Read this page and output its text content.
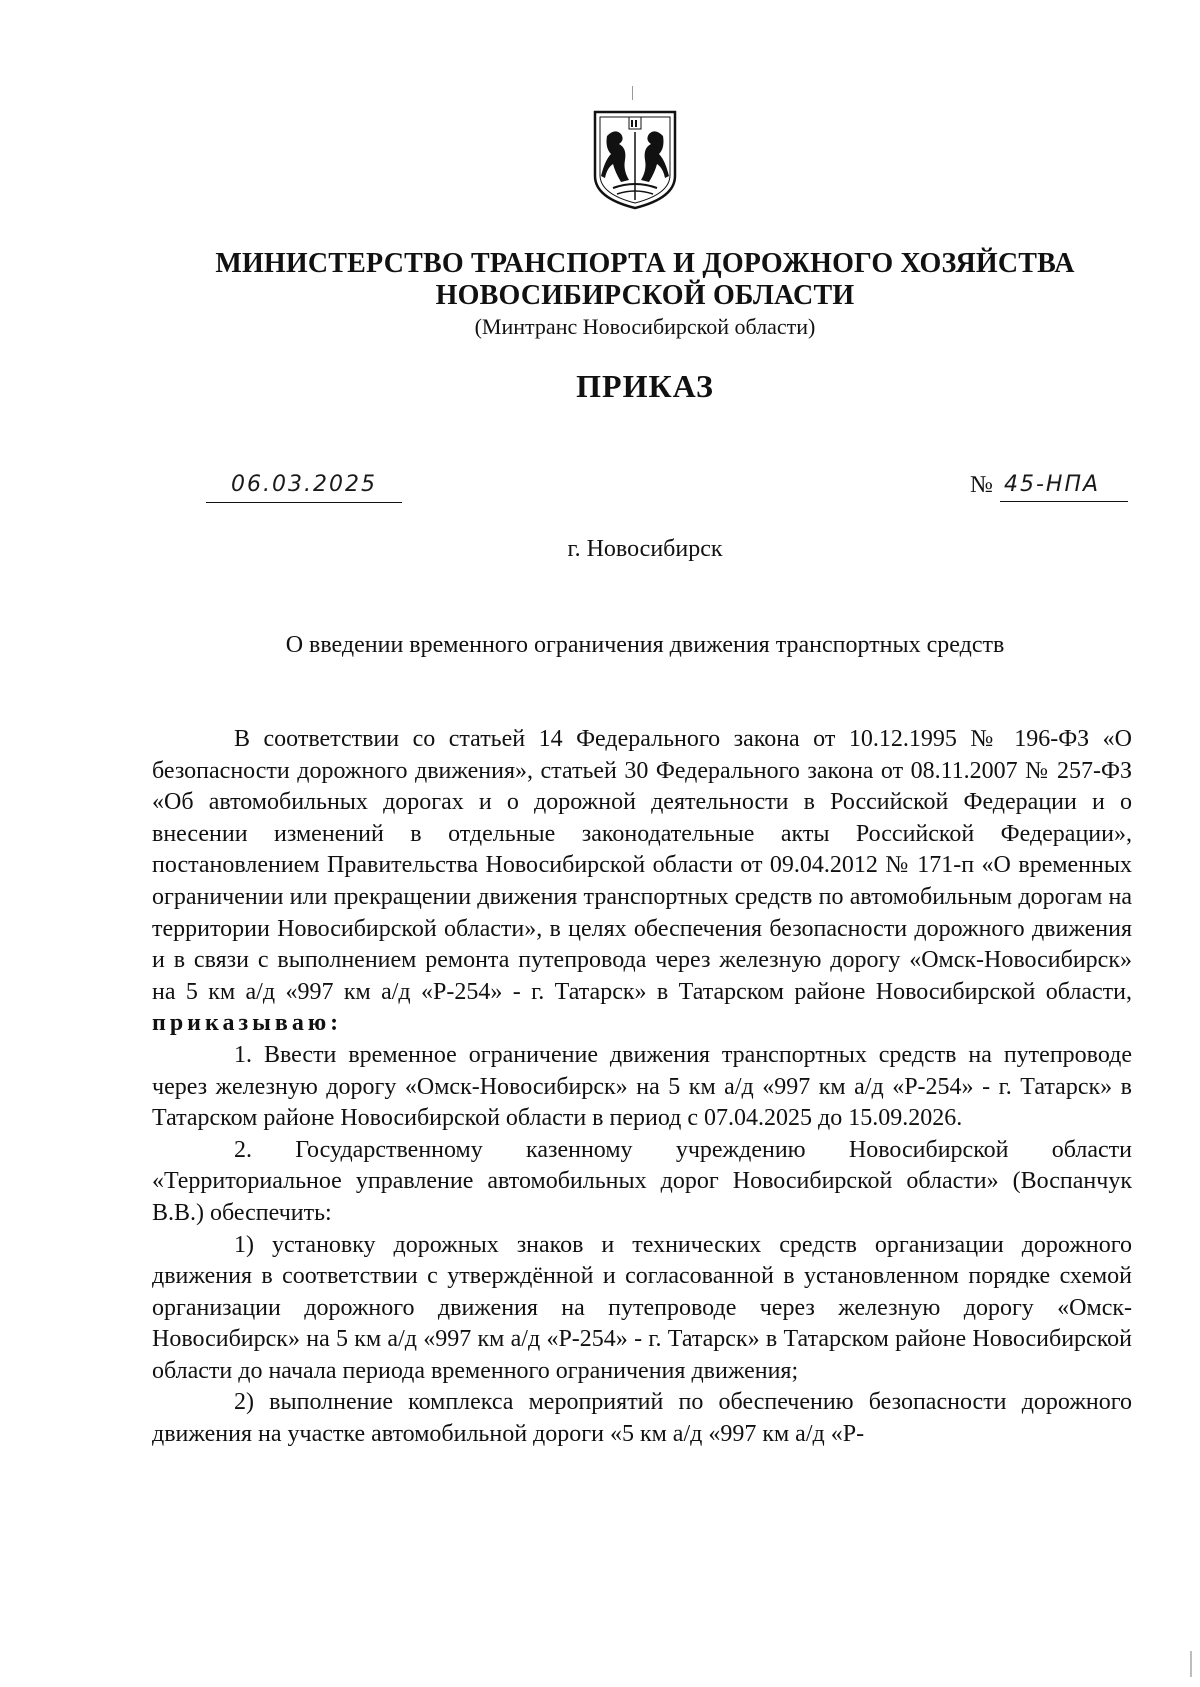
МИНИСТЕРСТВО ТРАНСПОРТА И ДОРОЖНОГО ХОЗЯЙСТВА
НОВОСИБИРСКОЙ ОБЛАСТИ
(Минтранс Новосибирской области)
ПРИКАЗ
06.03.2025	№ 45-НПА
г. Новосибирск
О введении временного ограничения движения транспортных средств

В соответствии со статьей 14 Федерального закона от 10.12.1995 № 196-ФЗ «О безопасности дорожного движения», статьей 30 Федерального закона от 08.11.2007 № 257-ФЗ «Об автомобильных дорогах и о дорожной деятельности в Российской Федерации и о внесении изменений в отдельные законодательные акты Российской Федерации», постановлением Правительства Новосибирской области от 09.04.2012 № 171-п «О временных ограничении или прекращении движения транспортных средств по автомобильным дорогам на территории Новосибирской области», в целях обеспечения безопасности дорожного движения и в связи с выполнением ремонта путепровода через железную дорогу «Омск-Новосибирск» на 5 км а/д «997 км а/д «Р-254» - г. Татарск» в Татарском районе Новосибирской области, приказываю:

1. Ввести временное ограничение движения транспортных средств на путепроводе через железную дорогу «Омск-Новосибирск» на 5 км а/д «997 км а/д «Р-254» - г. Татарск» в Татарском районе Новосибирской области в период с 07.04.2025 до 15.09.2026.

2. Государственному казенному учреждению Новосибирской области «Территориальное управление автомобильных дорог Новосибирской области» (Воспанчук В.В.) обеспечить:

1) установку дорожных знаков и технических средств организации дорожного движения в соответствии с утверждённой и согласованной в установленном порядке схемой организации дорожного движения на путепроводе через железную дорогу «Омск-Новосибирск» на 5 км а/д «997 км а/д «Р-254» - г. Татарск» в Татарском районе Новосибирской области до начала периода временного ограничения движения;

2) выполнение комплекса мероприятий по обеспечению безопасности дорожного движения на участке автомобильной дороги «5 км а/д «997 км а/д «Р-
